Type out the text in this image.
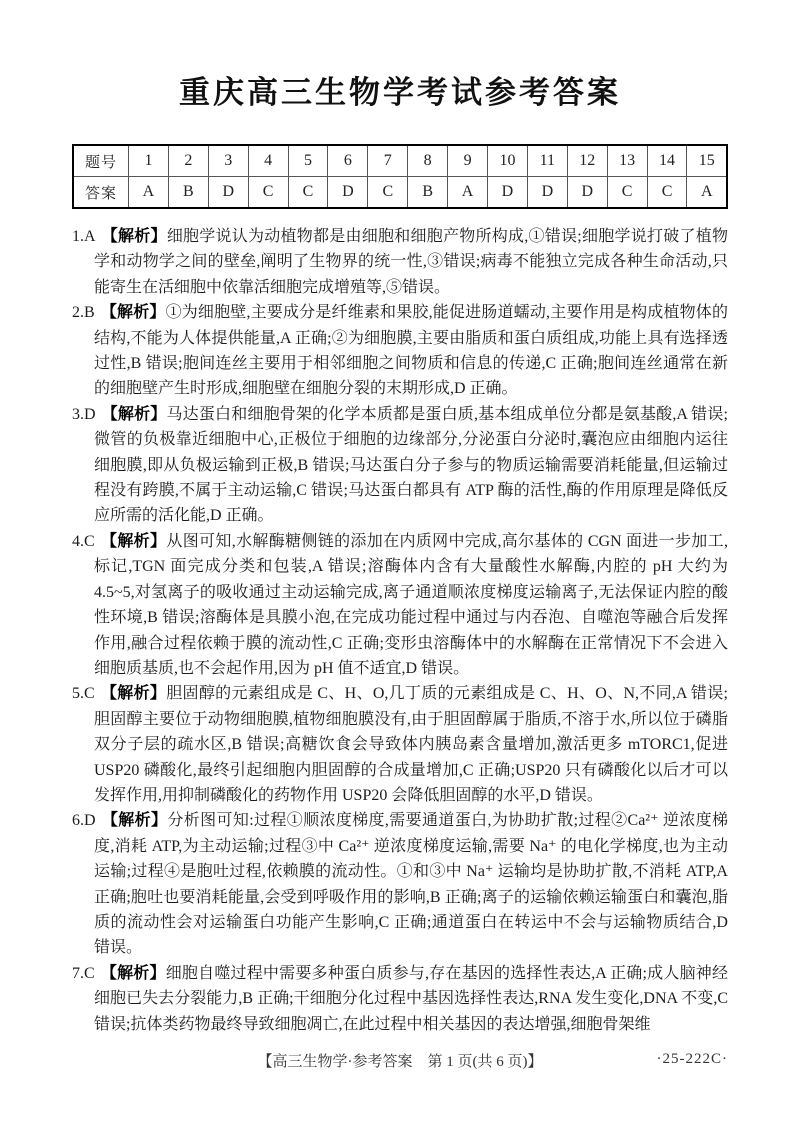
重庆高三生物学考试参考答案
题号	1	2	3	4	5	6	7	8	9	10	11	12	13	14	15
答案	A	B	D	C	C	D	C	B	A	D	D	D	C	C	A

1.A 【解析】细胞学说认为动植物都是由细胞和细胞产物所构成,①错误;细胞学说打破了植物学和动物学之间的壁垒,阐明了生物界的统一性,③错误;病毒不能独立完成各种生命活动,只能寄生在活细胞中依靠活细胞完成增殖等,⑤错误。

2.B 【解析】①为细胞壁,主要成分是纤维素和果胶,能促进肠道蠕动,主要作用是构成植物体的结构,不能为人体提供能量,A 正确;②为细胞膜,主要由脂质和蛋白质组成,功能上具有选择透过性,B 错误;胞间连丝主要用于相邻细胞之间物质和信息的传递,C 正确;胞间连丝通常在新的细胞壁产生时形成,细胞壁在细胞分裂的末期形成,D 正确。

3.D 【解析】马达蛋白和细胞骨架的化学本质都是蛋白质,基本组成单位分都是氨基酸,A 错误;微管的负极靠近细胞中心,正极位于细胞的边缘部分,分泌蛋白分泌时,囊泡应由细胞内运往细胞膜,即从负极运输到正极,B 错误;马达蛋白分子参与的物质运输需要消耗能量,但运输过程没有跨膜,不属于主动运输,C 错误;马达蛋白都具有 ATP 酶的活性,酶的作用原理是降低反应所需的活化能,D 正确。

4.C 【解析】从图可知,水解酶糖侧链的添加在内质网中完成,高尔基体的 CGN 面进一步加工,标记,TGN 面完成分类和包装,A 错误;溶酶体内含有大量酸性水解酶,内腔的 pH 大约为 4.5~5,对氢离子的吸收通过主动运输完成,离子通道顺浓度梯度运输离子,无法保证内腔的酸性环境,B 错误;溶酶体是具膜小泡,在完成功能过程中通过与内吞泡、自噬泡等融合后发挥作用,融合过程依赖于膜的流动性,C 正确;变形虫溶酶体中的水解酶在正常情况下不会进入细胞质基质,也不会起作用,因为 pH 值不适宜,D 错误。

5.C 【解析】胆固醇的元素组成是 C、H、O,几丁质的元素组成是 C、H、O、N,不同,A 错误;胆固醇主要位于动物细胞膜,植物细胞膜没有,由于胆固醇属于脂质,不溶于水,所以位于磷脂双分子层的疏水区,B 错误;高糖饮食会导致体内胰岛素含量增加,激活更多 mTORC1,促进 USP20 磷酸化,最终引起细胞内胆固醇的合成量增加,C 正确;USP20 只有磷酸化以后才可以发挥作用,用抑制磷酸化的药物作用 USP20 会降低胆固醇的水平,D 错误。

6.D 【解析】分析图可知:过程①顺浓度梯度,需要通道蛋白,为协助扩散;过程②Ca²⁺ 逆浓度梯度,消耗 ATP,为主动运输;过程③中 Ca²⁺ 逆浓度梯度运输,需要 Na⁺ 的电化学梯度,也为主动运输;过程④是胞吐过程,依赖膜的流动性。①和③中 Na⁺ 运输均是协助扩散,不消耗 ATP,A 正确;胞吐也要消耗能量,会受到呼吸作用的影响,B 正确;离子的运输依赖运输蛋白和囊泡,脂质的流动性会对运输蛋白功能产生影响,C 正确;通道蛋白在转运中不会与运输物质结合,D 错误。

7.C 【解析】细胞自噬过程中需要多种蛋白质参与,存在基因的选择性表达,A 正确;成人脑神经细胞已失去分裂能力,B 正确;干细胞分化过程中基因选择性表达,RNA 发生变化,DNA 不变,C 错误;抗体类药物最终导致细胞凋亡,在此过程中相关基因的表达增强,细胞骨架维

【高三生物学·参考答案　第 1 页(共 6 页)】	·25-222C·
